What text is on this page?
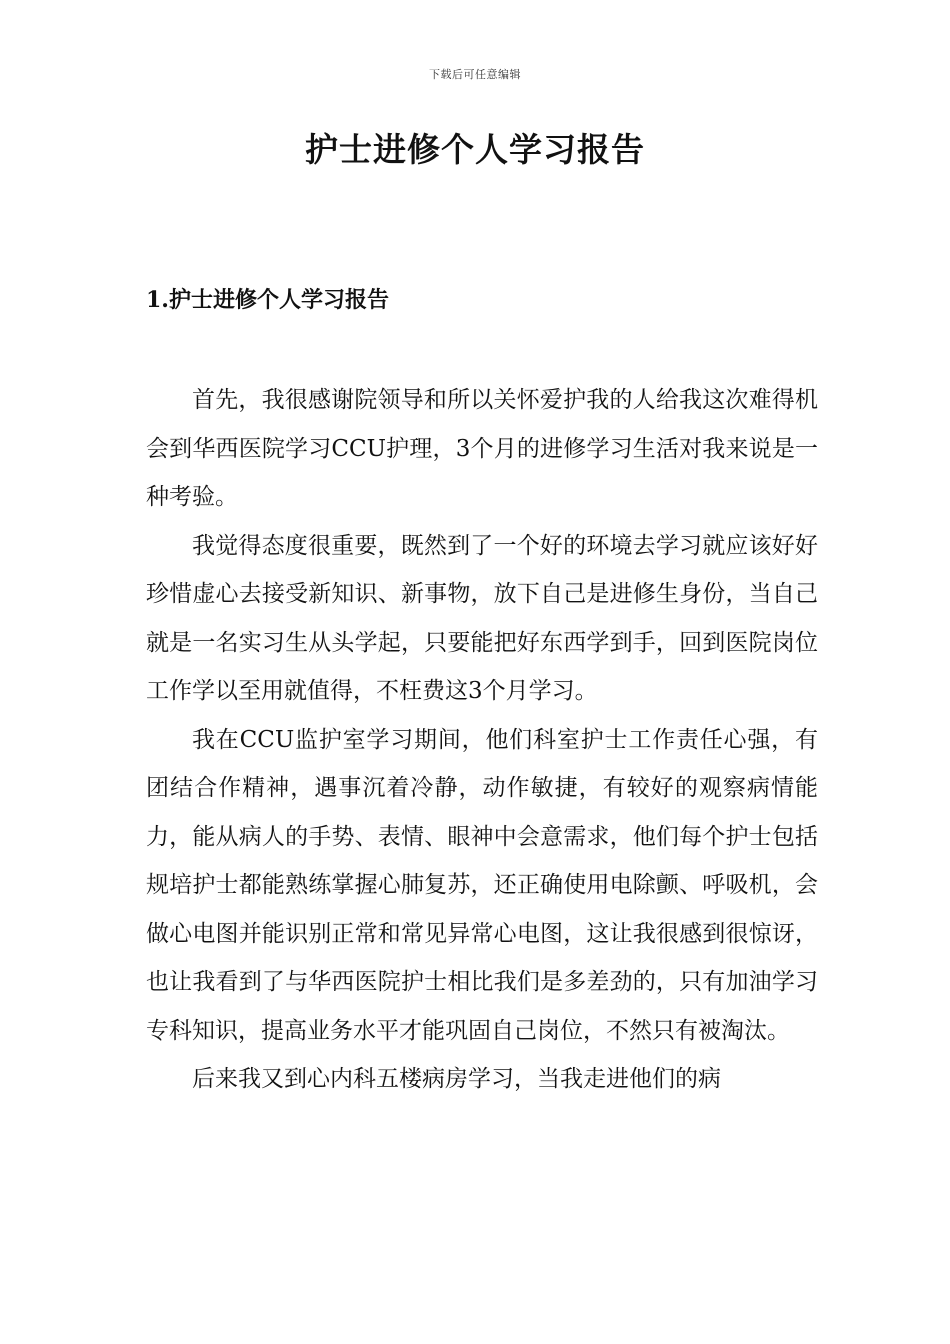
下载后可任意编辑
护士进修个人学习报告
1.护士进修个人学习报告

首先，我很感谢院领导和所以关怀爱护我的人给我这次难得机会到华西医院学习CCU护理，3个月的进修学习生活对我来说是一种考验。

我觉得态度很重要，既然到了一个好的环境去学习就应该好好珍惜虚心去接受新知识、新事物，放下自己是进修生身份，当自己就是一名实习生从头学起，只要能把好东西学到手，回到医院岗位工作学以至用就值得，不枉费这3个月学习。

我在CCU监护室学习期间，他们科室护士工作责任心强，有团结合作精神，遇事沉着冷静，动作敏捷，有较好的观察病情能力，能从病人的手势、表情、眼神中会意需求，他们每个护士包括规培护士都能熟练掌握心肺复苏，还正确使用电除颤、呼吸机，会做心电图并能识别正常和常见异常心电图，这让我很感到很惊讶，也让我看到了与华西医院护士相比我们是多差劲的，只有加油学习专科知识，提高业务水平才能巩固自己岗位，不然只有被淘汰。

后来我又到心内科五楼病房学习，当我走进他们的病
